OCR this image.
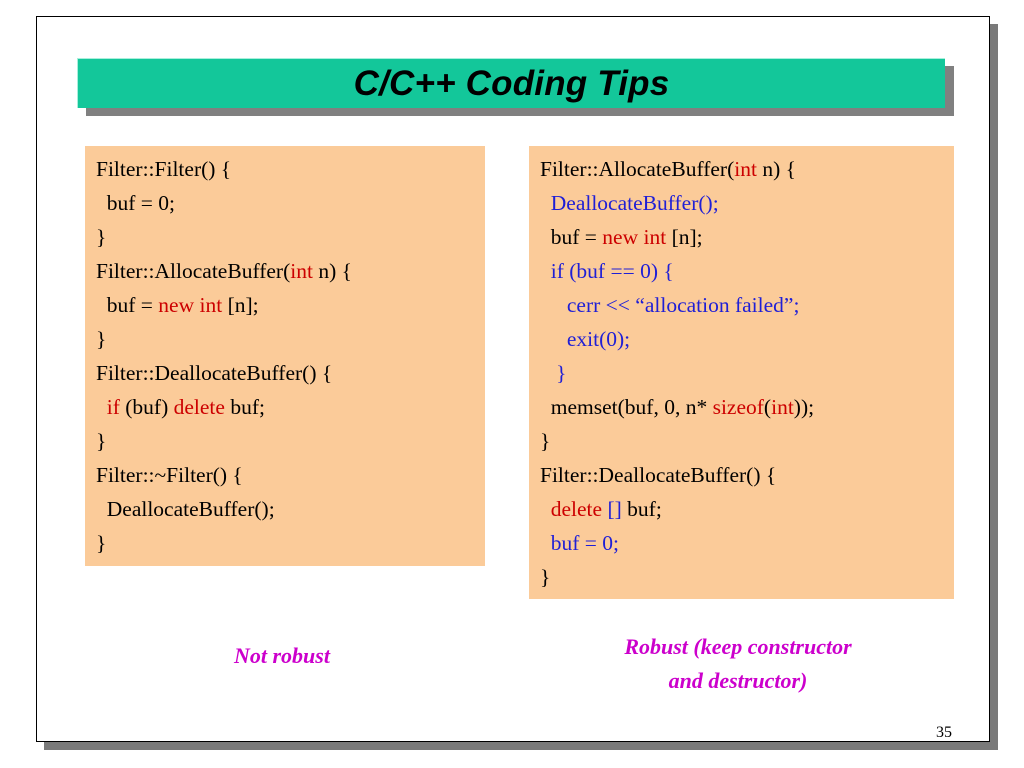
C/C++ Coding Tips
Filter::Filter() {
buf = 0;
}
Filter::AllocateBuffer(int n) {
buf = new int [n];
}
Filter::DeallocateBuffer() {
if (buf) delete buf;
}
Filter::~Filter() {
DeallocateBuffer();
}
Filter::AllocateBuffer(int n) {
DeallocateBuffer();
buf = new int [n];
if (buf == 0) {
cerr << “allocation failed”;
exit(0);
}
memset(buf, 0, n* sizeof(int));
}
Filter::DeallocateBuffer() {
delete [] buf;
buf = 0;
}
Not robust	Robust (keep constructor
and destructor)
35
